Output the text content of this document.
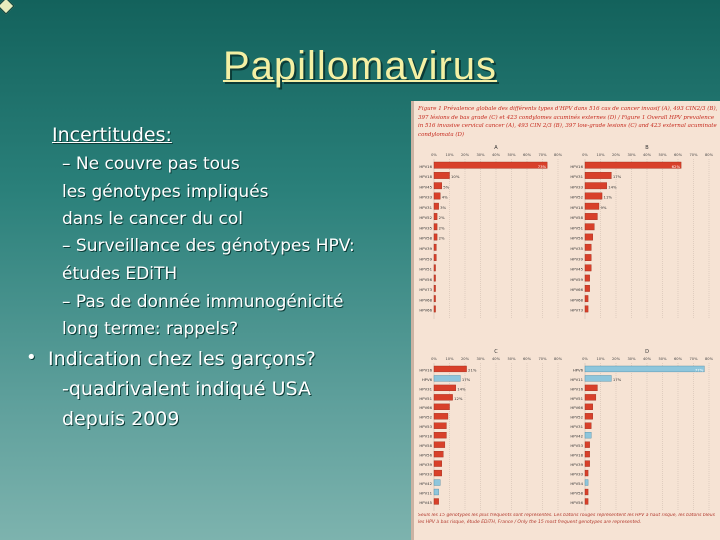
Papillomavirus
Incertitudes:
– Ne couvre pas tous
les génotypes impliqués
dans le cancer du col
– Surveillance des génotypes HPV:
études EDiTH
– Pas de donnée immunogénicité
long terme: rappels?
• Indication chez les garçons?
-quadrivalent indiqué USA
depuis 2009
A
0% 10% 20% 30% 40% 50% 60% 70% 80%
HPV16	73%
HPV18	10%
HPV45	5%
HPV33	4%
HPV31 3%
HPV52 2%
HPV35 2%
HPV58 2%
HPV39
HPV59
HPV51
HPV56
HPV73
HPV68
HPV66
B
0% 10% 20% 30% 40% 50% 60% 70% 80%
HPV16	62%
HPV31	17%
HPV33	14%
HPV52	11%
HPV18	9%
HPV58
HPV51
HPV56
HPV35
HPV39
HPV45
HPV59
HPV66
HPV68
HPV73
C
0% 10% 20% 30% 40% 50% 60% 70% 80%
HPV16	21%
HPV6	17%
HPV31	14%
HPV51	12%
HPV66
HPV52
HPV53
HPV18
HPV58
HPV56
HPV39
HPV33
HPV42
HPV11
HPV45
D
0% 10% 20% 30% 40% 50% 60% 70% 80%
HPV6	77%
HPV11	17%
HPV16
HPV51
HPV66
HPV52
HPV31
HPV42
HPV53
HPV18
HPV39
HPV33
HPV54
HPV58
HPV56
Figure 1 Prévalence globale des différents types d'HPV dans 516 cas de cancer invasif (A), 493 CIN2/3 (B), 397 lésions de bas grade (C) et 423 condylomes acuminés externes (D) / Figure 1 Overall HPV prevalence in 516 invasive cervical cancer (A), 493 CIN 2/3 (B), 397 low-grade lesions (C) and 423 external acuminate condylomata (D)
Seuls les 15 génotypes les plus fréquents sont représentés. Les bâtons rouges représentent les HPV à haut risque, les bâtons bleus les HPV à bas risque, étude EDiTH, France / Only the 15 most frequent genotypes are represented.
